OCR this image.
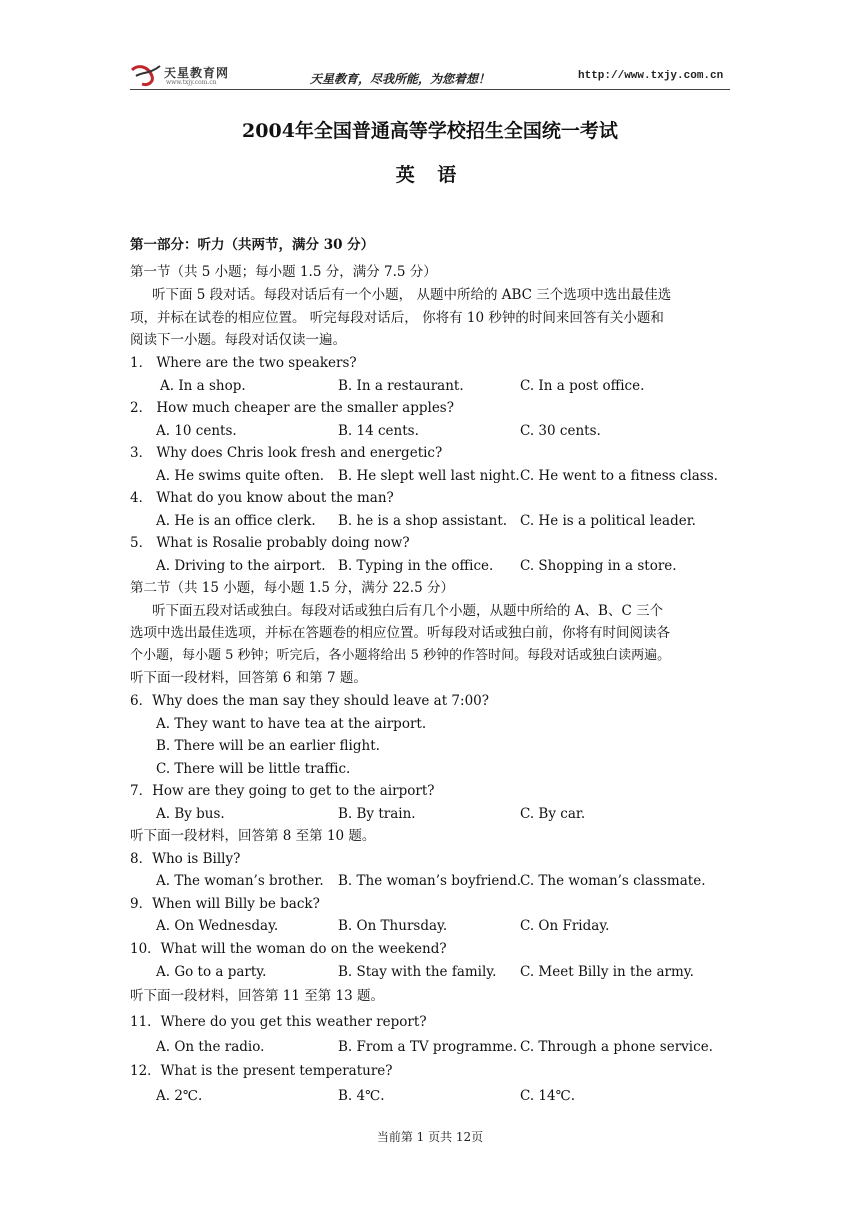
天星教育网
www.txjy.com.cn	天星教育，尽我所能，为您着想！	http://www.txjy.com.cn
2004年全国普通高等学校招生全国统一考试
英 语
第一部分：听力（共两节，满分 30 分）
第一节（共 5 小题；每小题 1.5 分，满分 7.5 分）
听下面 5 段对话。每段对话后有一个小题， 从题中所给的 ABC 三个选项中选出最佳选
项，并标在试卷的相应位置。 听完每段对话后， 你将有 10 秒钟的时间来回答有关小题和
阅读下一小题。每段对话仅读一遍。
1． Where are the two speakers?
A. In a shop.	B. In a restaurant.	C. In a post office.
2． How much cheaper are the smaller apples?
A. 10 cents.	B. 14 cents.	C. 30 cents.
3． Why does Chris look fresh and energetic?
A. He swims quite often. B. He slept well last night. C. He went to a fitness class.
4． What do you know about the man?
A. He is an office clerk. B. he is a shop assistant. C. He is a political leader.
5． What is Rosalie probably doing now?
A. Driving to the airport. B. Typing in the office. C. Shopping in a store.
第二节（共 15 小题，每小题 1.5 分，满分 22.5 分）
听下面五段对话或独白。每段对话或独白后有几个小题，从题中所给的 A、B、C 三个
选项中选出最佳选项，并标在答题卷的相应位置。听每段对话或独白前，你将有时间阅读各
个小题，每小题 5 秒钟；听完后，各小题将给出 5 秒钟的作答时间。每段对话或独白读两遍。
听下面一段材料，回答第 6 和第 7 题。
6．Why does the man say they should leave at 7:00?
A. They want to have tea at the airport.
B. There will be an earlier flight.
C. There will be little traffic.
7．How are they going to get to the airport?
A. By bus.	B. By train.	C. By car.
听下面一段材料，回答第 8 至第 10 题。
8．Who is Billy?
A. The woman’s brother. B. The woman’s boyfriend.
C. The woman’s classmate.
9．When will Billy be back?
A. On Wednesday.	B. On Thursday.	C. On Friday.
10．What will the woman do on the weekend?
A. Go to a party.	B. Stay with the family. C. Meet Billy in the army.
听下面一段材料，回答第 11 至第 13 题。
11．Where do you get this weather report?
A. On the radio.	B. From a TV programme. C. Through a phone service.
12．What is the present temperature?
A. 2℃.	B. 4℃.	C. 14℃.
当前第 1 页共 12页
